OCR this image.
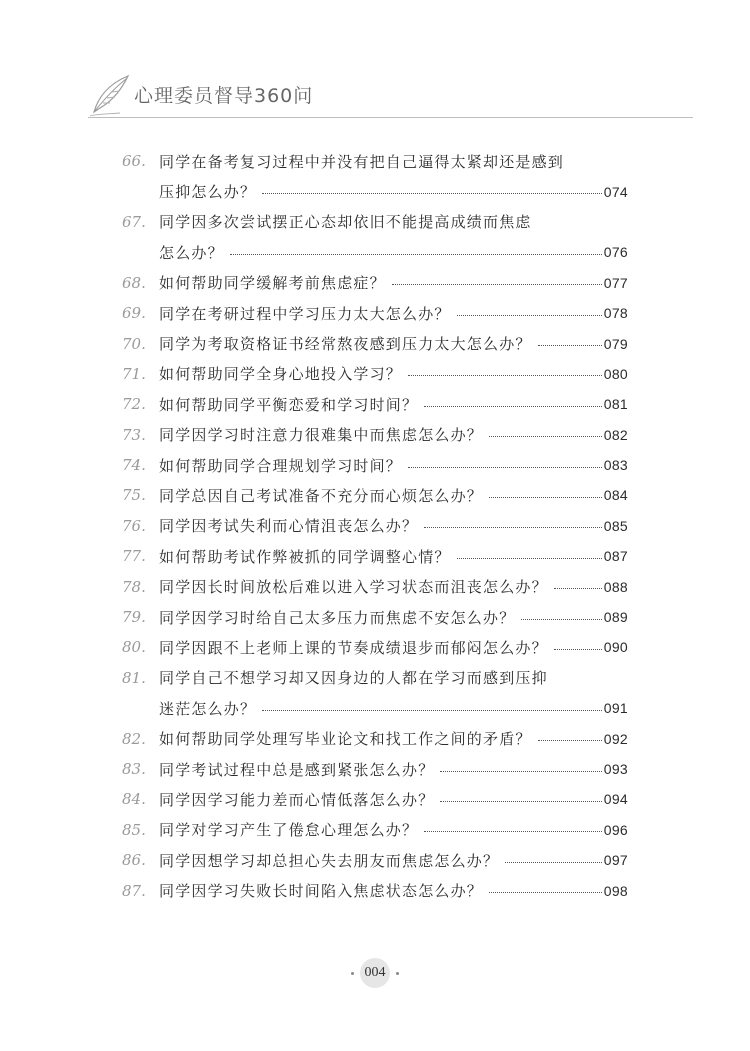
心理委员督导360问
66. 同学在备考复习过程中并没有把自己逼得太紧却还是感到
压抑怎么办？	074
67. 同学因多次尝试摆正心态却依旧不能提高成绩而焦虑
怎么办？	076
68. 如何帮助同学缓解考前焦虑症？	077
69. 同学在考研过程中学习压力太大怎么办？	078
70. 同学为考取资格证书经常熬夜感到压力太大怎么办？	079
71. 如何帮助同学全身心地投入学习？	080
72. 如何帮助同学平衡恋爱和学习时间？	081
73. 同学因学习时注意力很难集中而焦虑怎么办？	082
74. 如何帮助同学合理规划学习时间？	083
75. 同学总因自己考试准备不充分而心烦怎么办？	084
76. 同学因考试失利而心情沮丧怎么办？	085
77. 如何帮助考试作弊被抓的同学调整心情？	087
78. 同学因长时间放松后难以进入学习状态而沮丧怎么办？	088
79. 同学因学习时给自己太多压力而焦虑不安怎么办？	089
80. 同学因跟不上老师上课的节奏成绩退步而郁闷怎么办？	090
81. 同学自己不想学习却又因身边的人都在学习而感到压抑
迷茫怎么办？	091
82. 如何帮助同学处理写毕业论文和找工作之间的矛盾？	092
83. 同学考试过程中总是感到紧张怎么办？	093
84. 同学因学习能力差而心情低落怎么办？	094
85. 同学对学习产生了倦怠心理怎么办？	096
86. 同学因想学习却总担心失去朋友而焦虑怎么办？	097
87. 同学因学习失败长时间陷入焦虑状态怎么办？	098
004
